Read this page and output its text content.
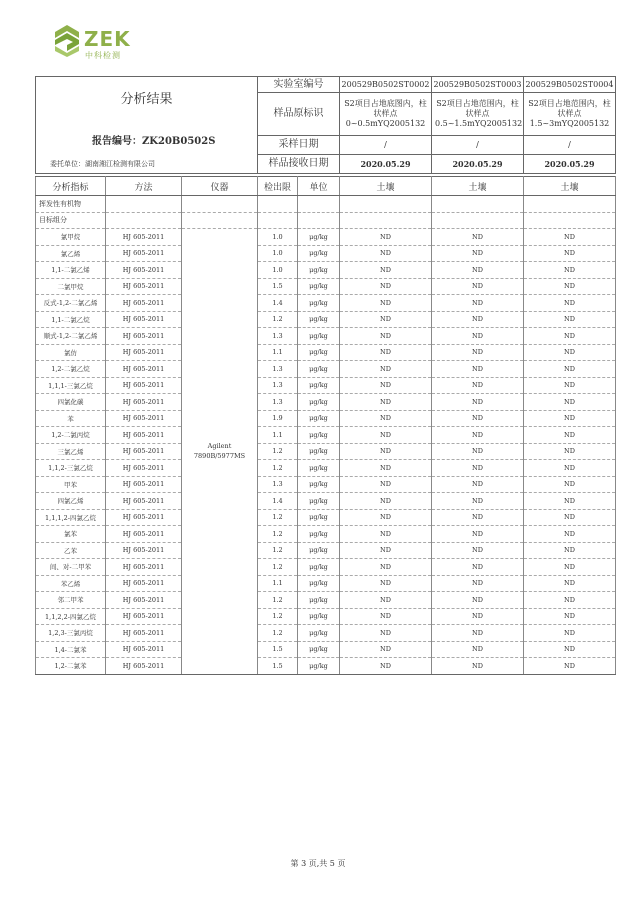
ZEK
中科检测
分析结果
报告编号：ZK20B0502S
委托单位：湖南湘江检测有限公司	实验室编号	200529B0502ST0002	200529B0502ST0003	200529B0502ST0004
	样品原标识	S2项目占地底图内，柱状样点 0~0.5mYQ2005132	S2项目占地范围内，柱状样点 0.5~1.5mYQ2005132	S2项目占地范围内，柱状样点 1.5~3mYQ2005132
	采样日期	/	/	/
	样品接收日期	2020.05.29	2020.05.29	2020.05.29
分析指标	方法	仪器	检出限	单位	土壤	土壤	土壤
挥发性有机物							
目标组分							
氯甲烷	HJ 605-2011	Agilent 7890B/5977MS	1.0	μg/kg	ND	ND	ND
氯乙烯	HJ 605-2011		1.0	μg/kg	ND	ND	ND
1,1-二氯乙烯	HJ 605-2011		1.0	μg/kg	ND	ND	ND
二氯甲烷	HJ 605-2011		1.5	μg/kg	ND	ND	ND
反式-1,2-二氯乙烯	HJ 605-2011		1.4	μg/kg	ND	ND	ND
1,1-二氯乙烷	HJ 605-2011		1.2	μg/kg	ND	ND	ND
顺式-1,2-二氯乙烯	HJ 605-2011		1.3	μg/kg	ND	ND	ND
氯仿	HJ 605-2011		1.1	μg/kg	ND	ND	ND
1,2-二氯乙烷	HJ 605-2011		1.3	μg/kg	ND	ND	ND
1,1,1-三氯乙烷	HJ 605-2011		1.3	μg/kg	ND	ND	ND
四氯化碳	HJ 605-2011		1.3	μg/kg	ND	ND	ND
苯	HJ 605-2011		1.9	μg/kg	ND	ND	ND
1,2-二氯丙烷	HJ 605-2011		1.1	μg/kg	ND	ND	ND
三氯乙烯	HJ 605-2011		1.2	μg/kg	ND	ND	ND
1,1,2-三氯乙烷	HJ 605-2011		1.2	μg/kg	ND	ND	ND
甲苯	HJ 605-2011		1.3	μg/kg	ND	ND	ND
四氯乙烯	HJ 605-2011		1.4	μg/kg	ND	ND	ND
1,1,1,2-四氯乙烷	HJ 605-2011		1.2	μg/kg	ND	ND	ND
氯苯	HJ 605-2011		1.2	μg/kg	ND	ND	ND
乙苯	HJ 605-2011		1.2	μg/kg	ND	ND	ND
间、对-二甲苯	HJ 605-2011		1.2	μg/kg	ND	ND	ND
苯乙烯	HJ 605-2011		1.1	μg/kg	ND	ND	ND
邻二甲苯	HJ 605-2011		1.2	μg/kg	ND	ND	ND
1,1,2,2-四氯乙烷	HJ 605-2011		1.2	μg/kg	ND	ND	ND
1,2,3-三氯丙烷	HJ 605-2011		1.2	μg/kg	ND	ND	ND
1,4-二氯苯	HJ 605-2011		1.5	μg/kg	ND	ND	ND
1,2-二氯苯	HJ 605-2011		1.5	μg/kg	ND	ND	ND
第 3 页,共 5 页
